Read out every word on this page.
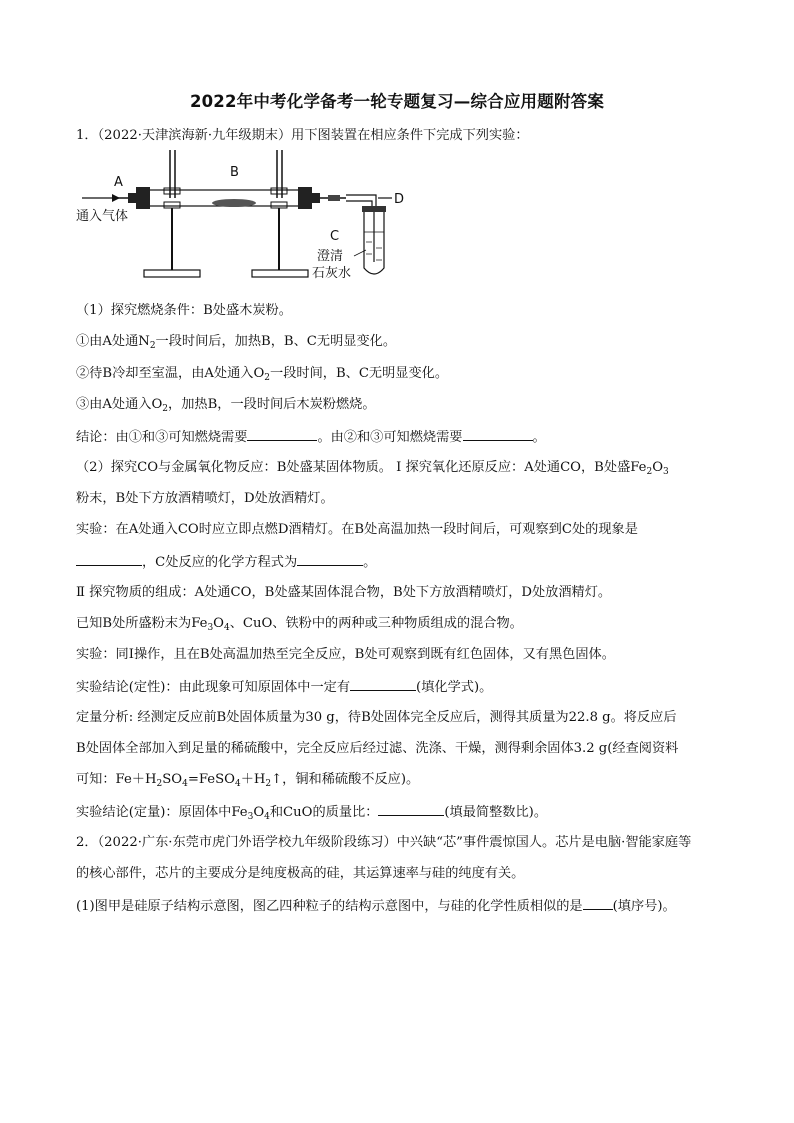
2022年中考化学备考一轮专题复习—综合应用题附答案
1．（2022·天津滨海新·九年级期末）用下图装置在相应条件下完成下列实验：
A
B
C
D
通入气体
澄清
石灰水
（1）探究燃烧条件：B处盛木炭粉。
①由A处通$N_2$一段时间后，加热B，B、C无明显变化。
②待B冷却至室温，由A处通入$O_2$一段时间，B、C无明显变化。
③由A处通入$O_2$，加热B，一段时间后木炭粉燃烧。
结论：由①和③可知燃烧需要	。由②和③可知燃烧需要	。
（2）探究CO与金属氧化物反应：B处盛某固体物质。 Ⅰ 探究氧化还原反应：A处通CO，B处盛$Fe_2O_3$
粉末，B处下方放酒精喷灯，D处放酒精灯。
实验：在A处通入CO时应立即点燃D酒精灯。在B处高温加热一段时间后，可观察到C处的现象是
，C处反应的化学方程式为	。
Ⅱ 探究物质的组成：A处通CO，B处盛某固体混合物，B处下方放酒精喷灯，D处放酒精灯。
已知B处所盛粉末为$Fe_3O_4$、CuO、铁粉中的两种或三种物质组成的混合物。
实验：同Ⅰ操作，且在B处高温加热至完全反应，B处可观察到既有红色固体，又有黑色固体。
实验结论(定性)：由此现象可知原固体中一定有	(填化学式)。
定量分析: 经测定反应前B处固体质量为30 g，待B处固体完全反应后，测得其质量为22.8 g。将反应后
B处固体全部加入到足量的稀硫酸中，完全反应后经过滤、洗涤、干燥，测得剩余固体3.2 g(经查阅资料
可知：$Fe+H_2SO_4=FeSO_4+H_2↑$，铜和稀硫酸不反应)。
实验结论(定量)：原固体中$Fe_3O_4$和CuO的质量比：	(填最简整数比)。
2．（2022·广东·东莞市虎门外语学校九年级阶段练习）中兴缺“芯”事件震惊国人。芯片是电脑·智能家庭等
的核心部件，芯片的主要成分是纯度极高的硅，其运算速率与硅的纯度有关。
(1)图甲是硅原子结构示意图，图乙四种粒子的结构示意图中，与硅的化学性质相似的是 (填序号)。
